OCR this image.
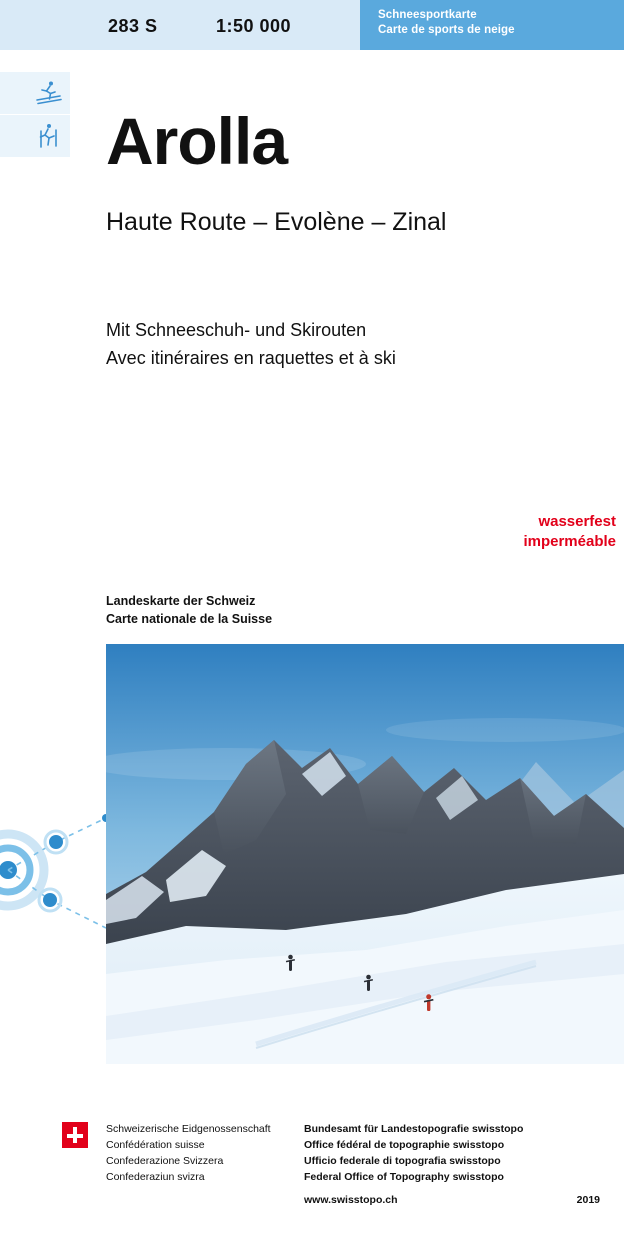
283 S	1:50 000
Schneesportkarte
Carte de sports de neige
Arolla
Haute Route – Evolène – Zinal
Mit Schneeschuh- und Skirouten
Avec itinéraires en raquettes et à ski
wasserfest
imperméable
Landeskarte der Schweiz
Carte nationale de la Suisse
Schweizerische Eidgenossenschaft
Confédération suisse
Confederazione Svizzera
Confederaziun svizra
Bundesamt für Landestopografie swisstopo
Office fédéral de topographie swisstopo
Ufficio federale di topografia swisstopo
Federal Office of Topography swisstopo
www.swisstopo.ch	2019
